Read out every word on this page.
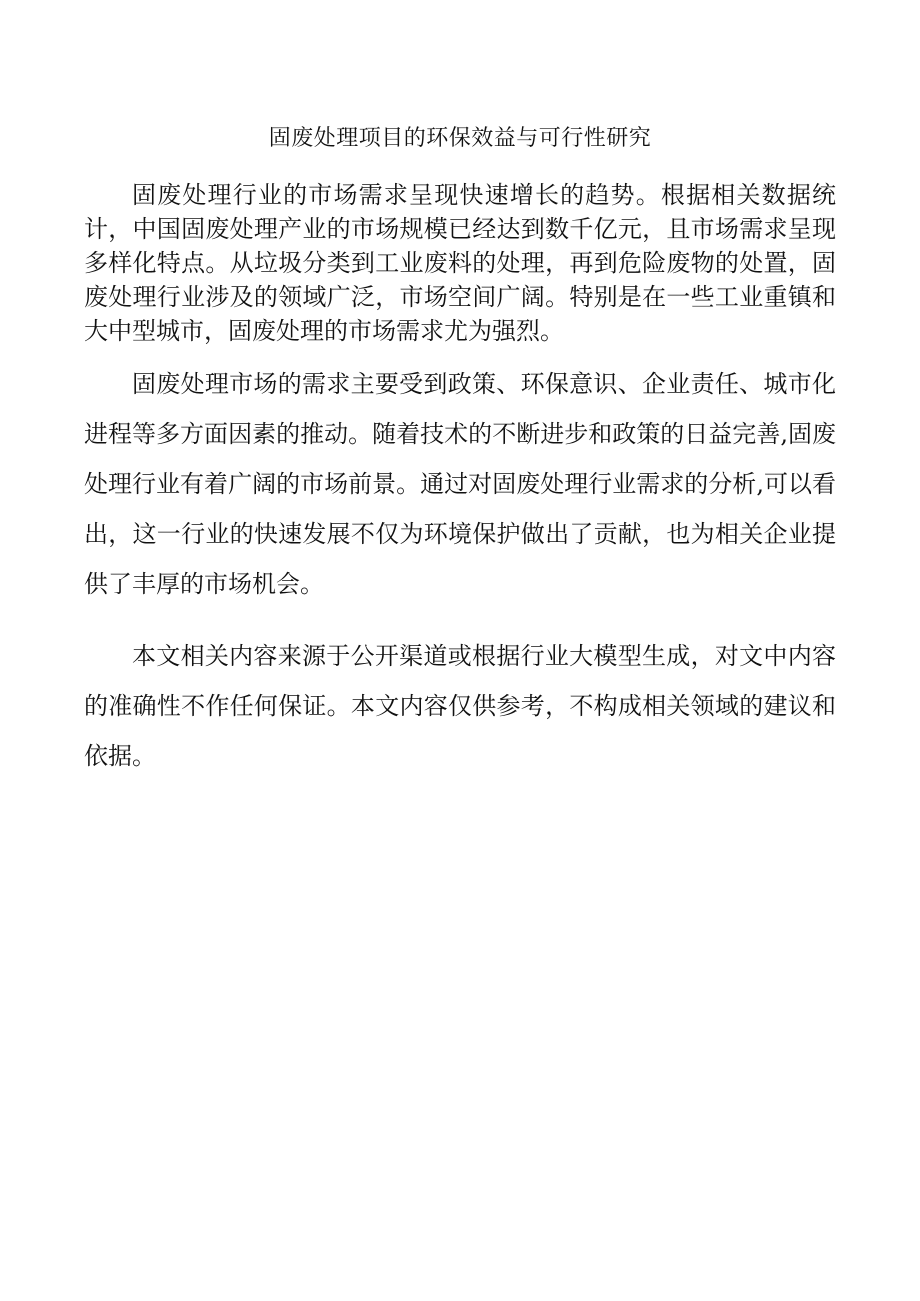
固废处理项目的环保效益与可行性研究

固废处理行业的市场需求呈现快速增长的趋势。根据相关数据统计，中国固废处理产业的市场规模已经达到数千亿元，且市场需求呈现多样化特点。从垃圾分类到工业废料的处理，再到危险废物的处置，固废处理行业涉及的领域广泛，市场空间广阔。特别是在一些工业重镇和大中型城市，固废处理的市场需求尤为强烈。

固废处理市场的需求主要受到政策、环保意识、企业责任、城市化进程等多方面因素的推动。随着技术的不断进步和政策的日益完善,固废处理行业有着广阔的市场前景。通过对固废处理行业需求的分析,可以看出，这一行业的快速发展不仅为环境保护做出了贡献，也为相关企业提供了丰厚的市场机会。

本文相关内容来源于公开渠道或根据行业大模型生成，对文中内容的准确性不作任何保证。本文内容仅供参考，不构成相关领域的建议和依据。
